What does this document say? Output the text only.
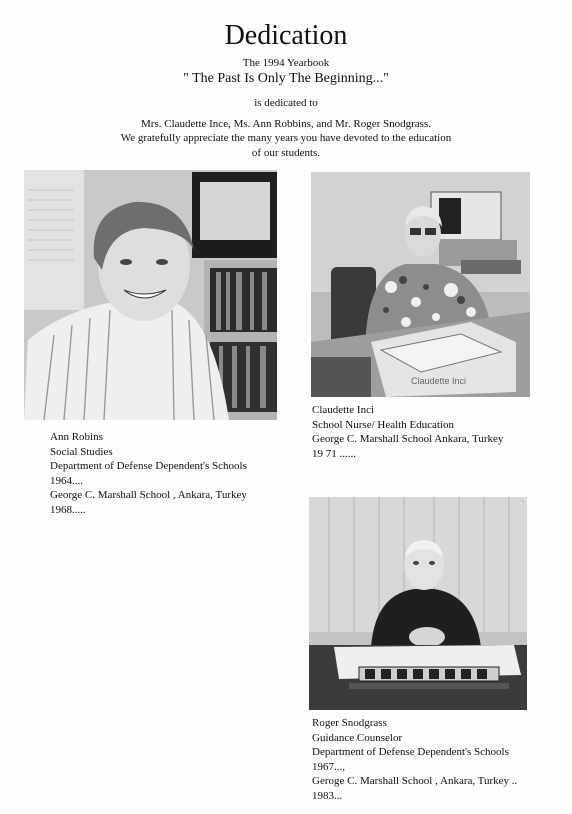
Dedication
The 1994 Yearbook
" The Past Is Only The Beginning..."
is dedicated to
Mrs. Claudette Ince, Ms. Ann Robbins, and Mr. Roger Snodgrass.
We gratefully appreciate the many years you have devoted to the education
of our students.
Claudette Inci
Ann Robins
Social Studies
Department of Defense Dependent's Schools
1964....
George C. Marshall School , Ankara, Turkey
1968.....
Claudette Inci
School Nurse/ Health Education
George C. Marshall School Ankara, Turkey
19 71 ......
Roger Snodgrass
Guidance Counselor
Department of Defense Dependent's Schools
1967...,
Geroge C. Marshall School , Ankara, Turkey ..
1983...
